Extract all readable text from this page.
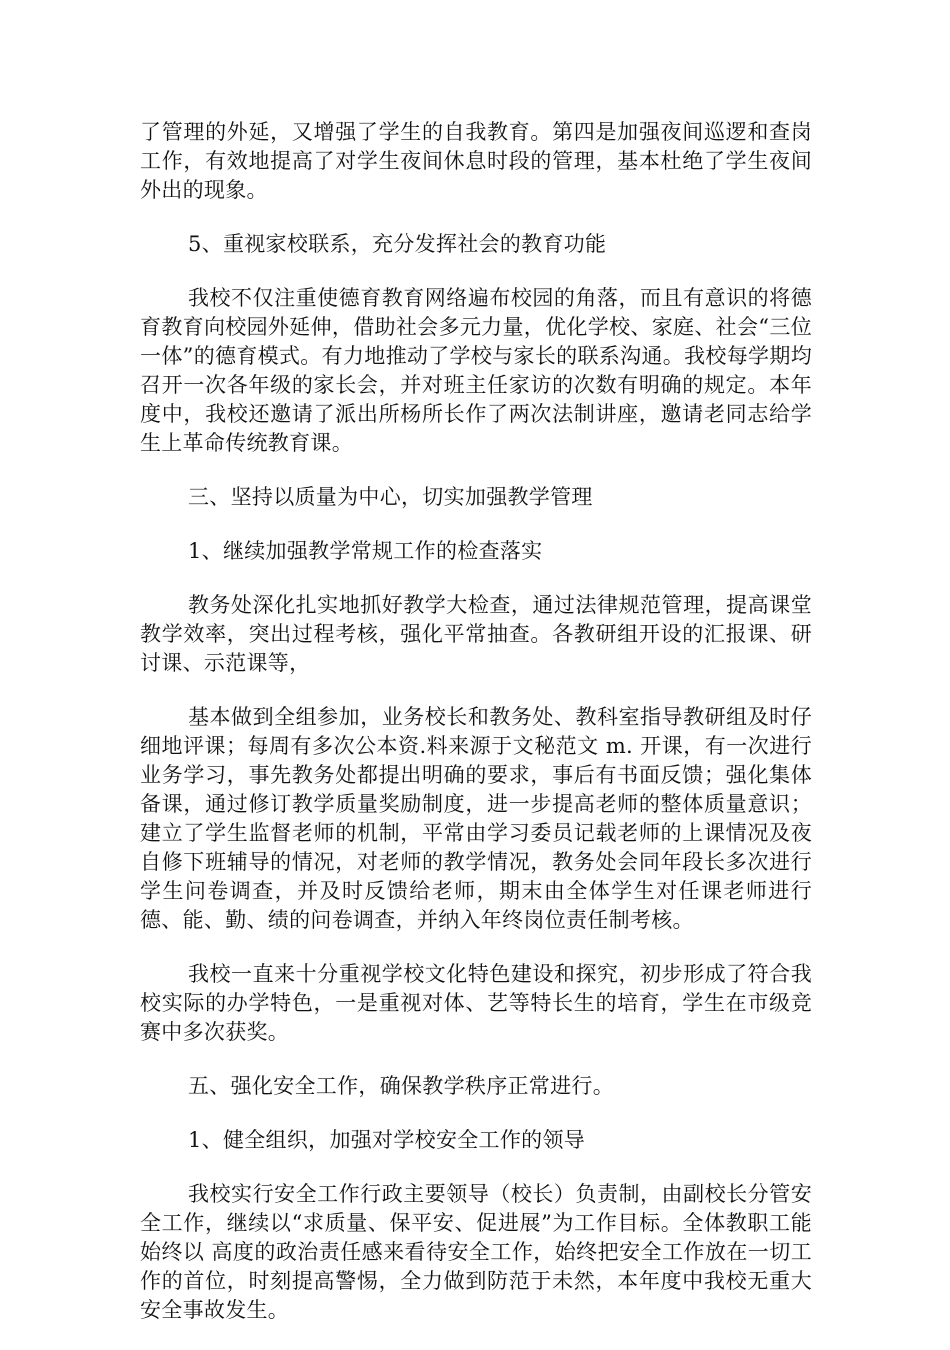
了管理的外延，又增强了学生的自我教育。第四是加强夜间巡逻和查岗工作，有效地提高了对学生夜间休息时段的管理，基本杜绝了学生夜间外出的现象。

5、重视家校联系，充分发挥社会的教育功能

我校不仅注重使德育教育网络遍布校园的角落，而且有意识的将德育教育向校园外延伸，借助社会多元力量，优化学校、家庭、社会“三位一体”的德育模式。有力地推动了学校与家长的联系沟通。我校每学期均召开一次各年级的家长会，并对班主任家访的次数有明确的规定。本年度中，我校还邀请了派出所杨所长作了两次法制讲座，邀请老同志给学生上革命传统教育课。

三、坚持以质量为中心，切实加强教学管理

1、继续加强教学常规工作的检查落实

教务处深化扎实地抓好教学大检查，通过法律规范管理，提高课堂教学效率，突出过程考核，强化平常抽查。各教研组开设的汇报课、研讨课、示范课等，

基本做到全组参加，业务校长和教务处、教科室指导教研组及时仔细地评课；每周有多次公本资.料来源于文秘范文 m. 开课，有一次进行业务学习，事先教务处都提出明确的要求，事后有书面反馈；强化集体备课，通过修订教学质量奖励制度，进一步提高老师的整体质量意识；建立了学生监督老师的机制，平常由学习委员记载老师的上课情况及夜自修下班辅导的情况，对老师的教学情况，教务处会同年段长多次进行学生问卷调查，并及时反馈给老师，期末由全体学生对任课老师进行德、能、勤、绩的问卷调查，并纳入年终岗位责任制考核。

我校一直来十分重视学校文化特色建设和探究，初步形成了符合我校实际的办学特色，一是重视对体、艺等特长生的培育，学生在市级竞赛中多次获奖。

五、强化安全工作，确保教学秩序正常进行。

1、健全组织，加强对学校安全工作的领导

我校实行安全工作行政主要领导（校长）负责制，由副校长分管安全工作，继续以“求质量、保平安、促进展”为工作目标。全体教职工能始终以 高度的政治责任感来看待安全工作，始终把安全工作放在一切工作的首位，时刻提高警惕，全力做到防范于未然，本年度中我校无重大安全事故发生。
